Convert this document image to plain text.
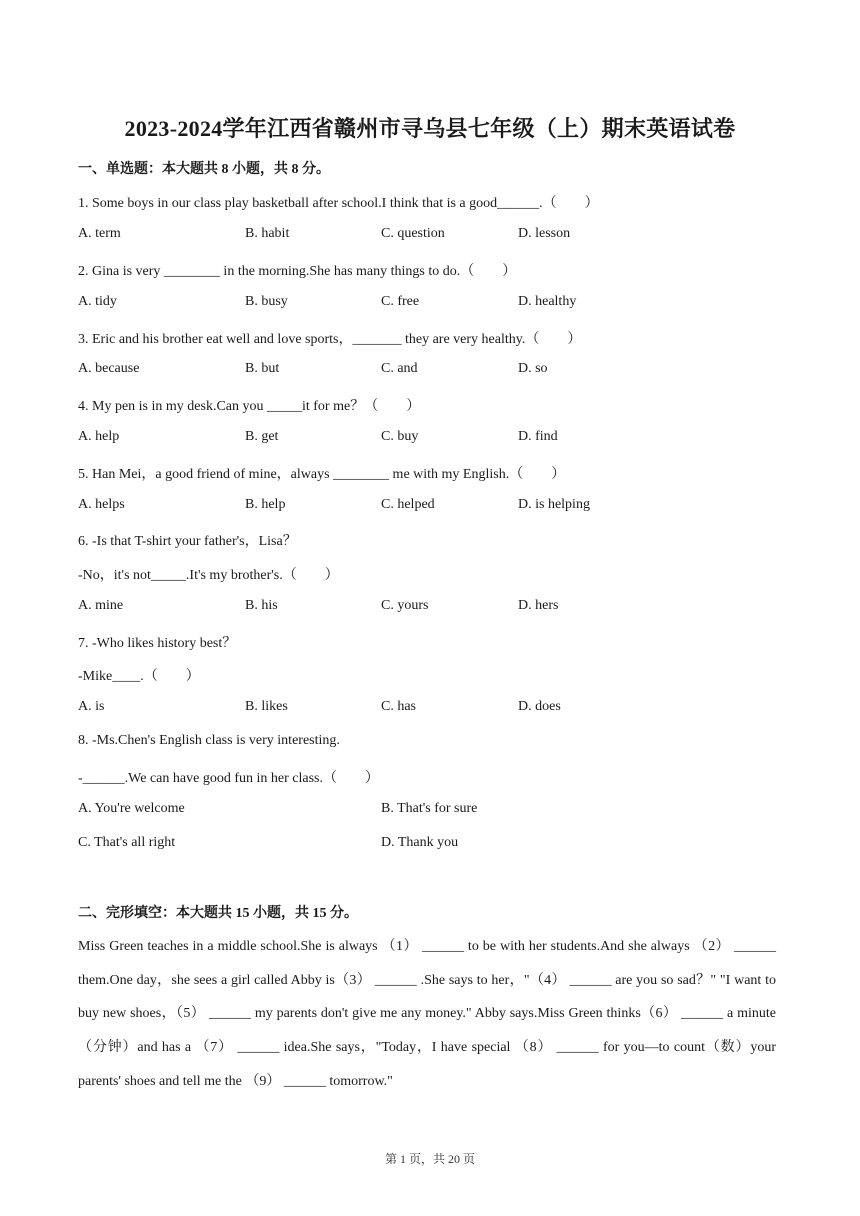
2023-2024学年江西省赣州市寻乌县七年级（上）期末英语试卷
一、单选题：本大题共 8 小题，共 8 分。
1. Some boys in our class play basketball after school.I think that is a good______.（　　）
A. term	B. habit	C. question	D. lesson
2. Gina is very ________ in the morning.She has many things to do.（　　）
A. tidy	B. busy	C. free	D. healthy
3. Eric and his brother eat well and love sports，_______ they are very healthy.（　　）
A. because	B. but	C. and	D. so
4. My pen is in my desk.Can you _____it for me？（　　）
A. help	B. get	C. buy	D. find
5. Han Mei，a good friend of mine，always ________ me with my English.（　　）
A. helps	B. help	C. helped	D. is helping
6. -Is that T-shirt your father's，Lisa？
-No，it's not_____.It's my brother's.（　　）
A. mine	B. his	C. yours	D. hers
7. -Who likes history best？
-Mike____.（　　）
A. is	B. likes	C. has	D. does
8. -Ms.Chen's English class is very interesting.
-______.We can have good fun in her class.（　　）
A. You're welcome	B. That's for sure
C. That's all right	D. Thank you
二、完形填空：本大题共 15 小题，共 15 分。
Miss Green teaches in a middle school.She is always （1） ______ to be with her students.And she always （2） ______ them.One day，she sees a girl called Abby is（3） ______ .She says to her，"（4） ______ are you so sad？" "I want to buy new shoes，（5） ______ my parents don't give me any money." Abby says.Miss Green thinks（6） ______ a minute（分钟）and has a （7） ______ idea.She says，"Today，I have special （8） ______ for you—to count（数）your parents' shoes and tell me the （9） ______ tomorrow."
第 1 页，共 20 页
